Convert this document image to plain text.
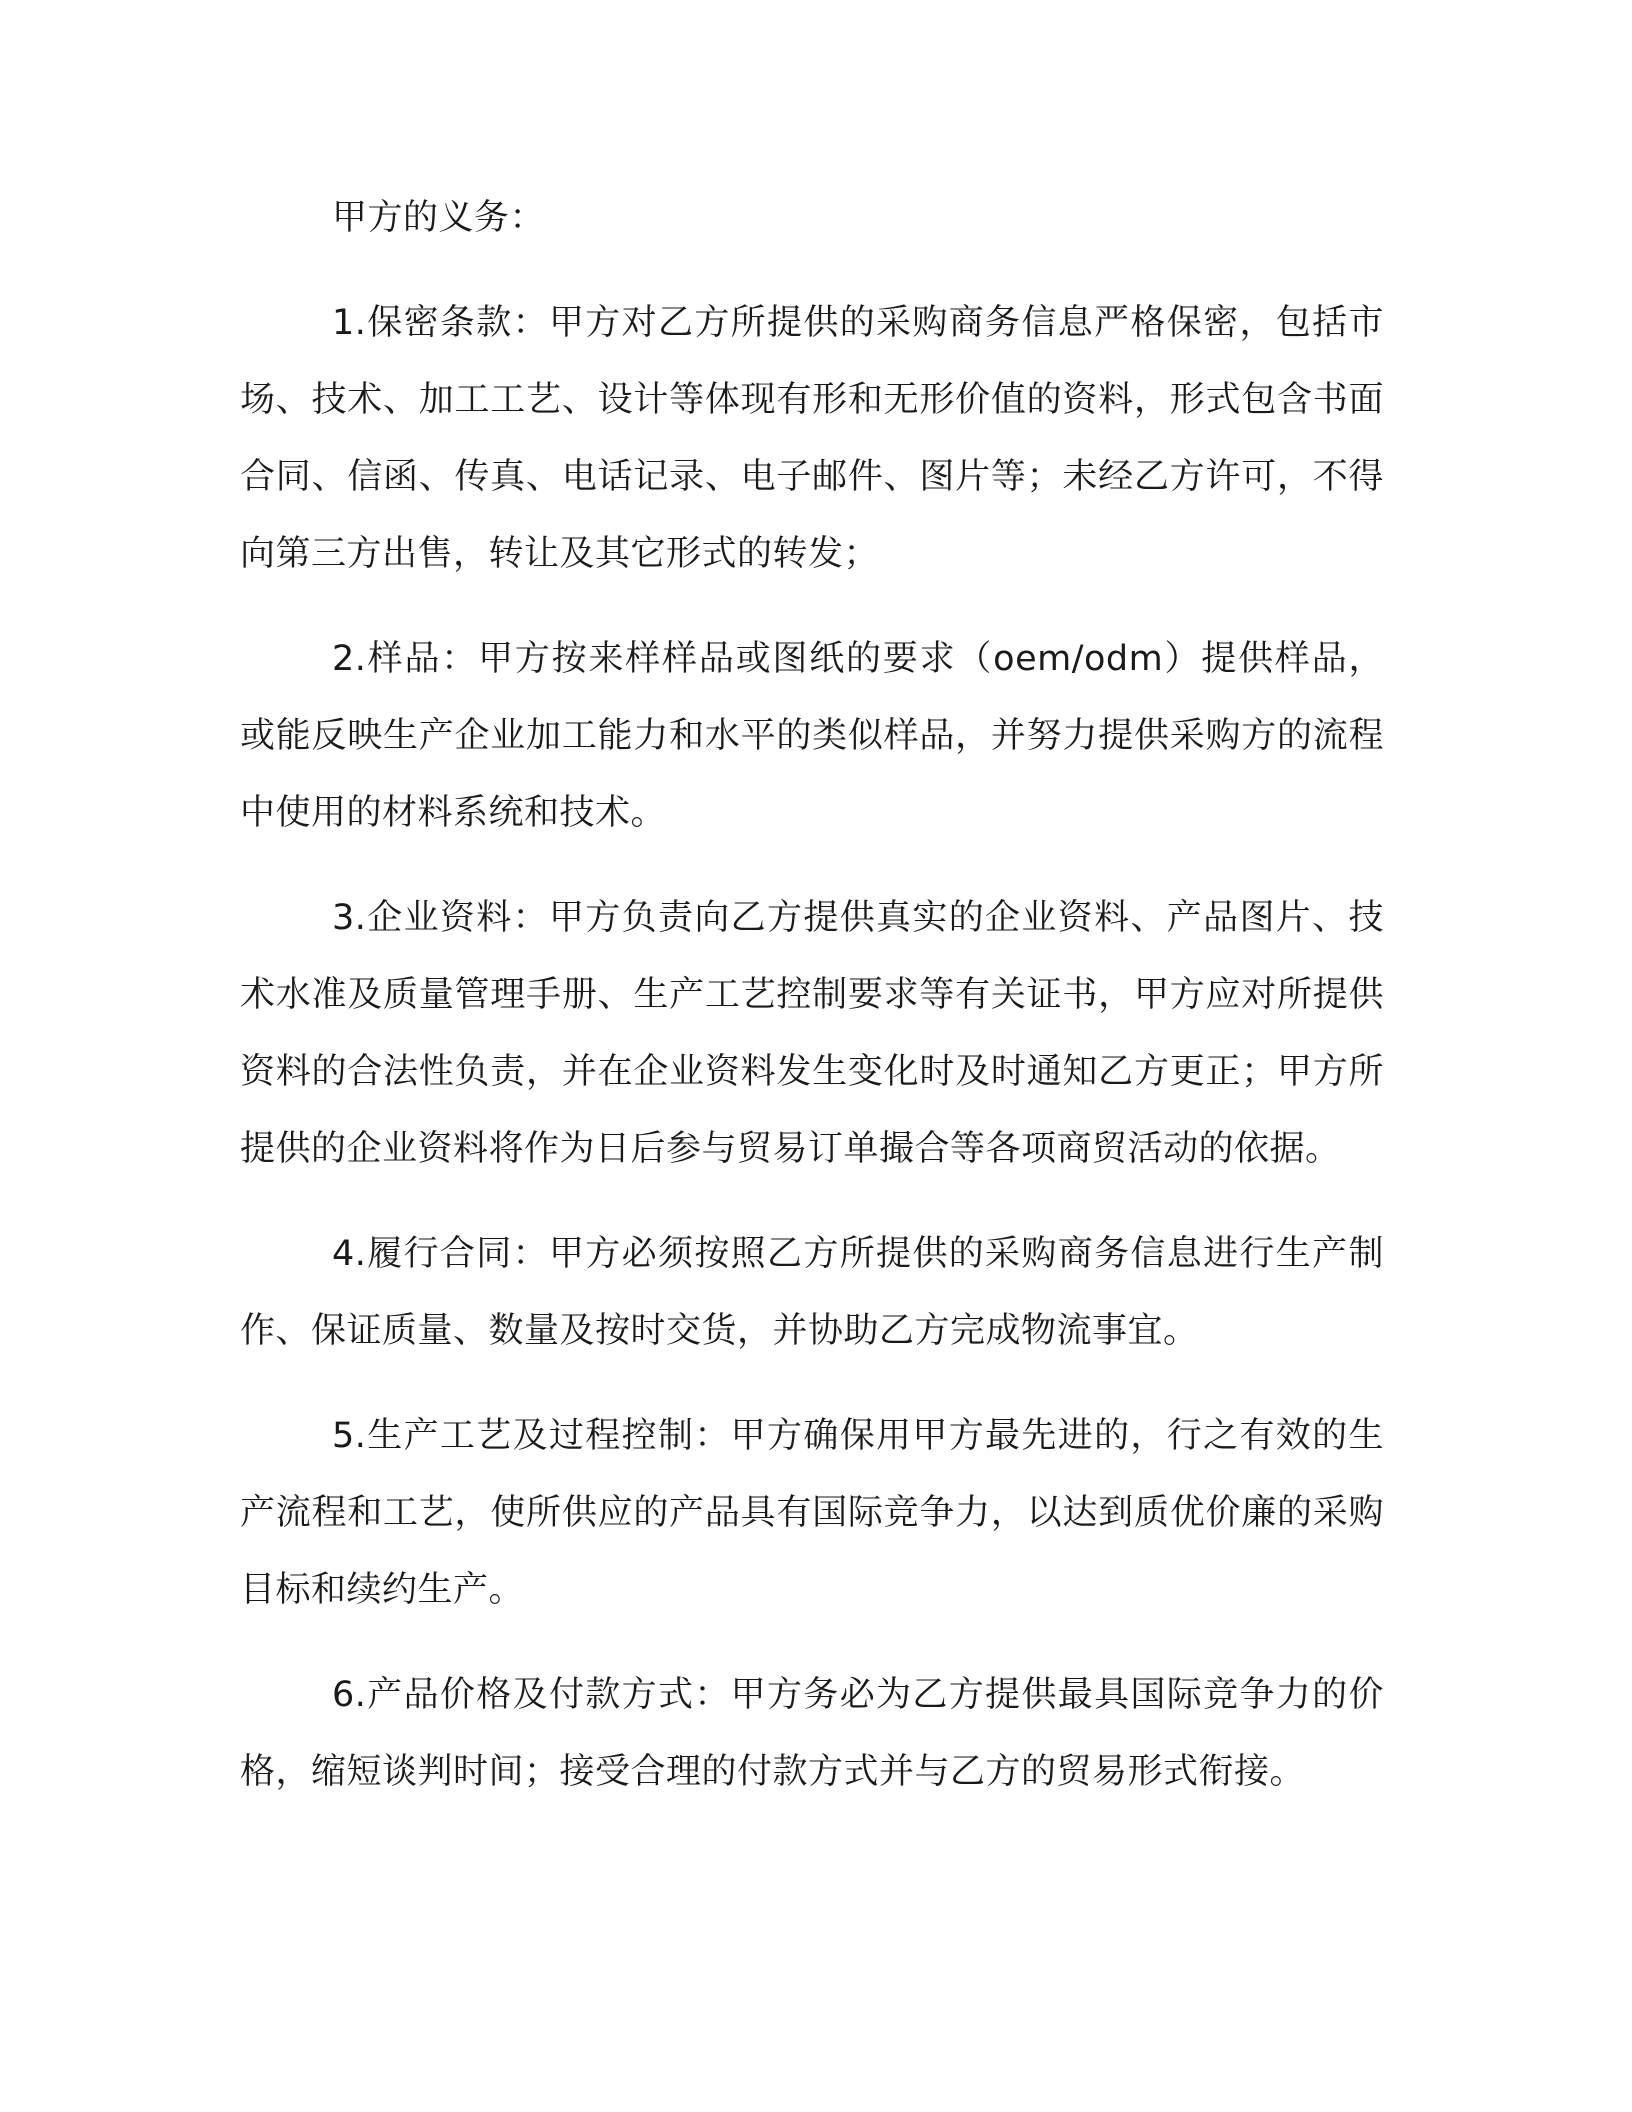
甲方的义务：

1.保密条款：甲方对乙方所提供的采购商务信息严格保密，包括市场、技术、加工工艺、设计等体现有形和无形价值的资料，形式包含书面合同、信函、传真、电话记录、电子邮件、图片等；未经乙方许可，不得向第三方出售，转让及其它形式的转发；

2.样品：甲方按来样样品或图纸的要求（oem/odm）提供样品，或能反映生产企业加工能力和水平的类似样品，并努力提供采购方的流程中使用的材料系统和技术。

3.企业资料：甲方负责向乙方提供真实的企业资料、产品图片、技术水准及质量管理手册、生产工艺控制要求等有关证书，甲方应对所提供资料的合法性负责，并在企业资料发生变化时及时通知乙方更正；甲方所提供的企业资料将作为日后参与贸易订单撮合等各项商贸活动的依据。

4.履行合同：甲方必须按照乙方所提供的采购商务信息进行生产制作、保证质量、数量及按时交货，并协助乙方完成物流事宜。

5.生产工艺及过程控制：甲方确保用甲方最先进的，行之有效的生产流程和工艺，使所供应的产品具有国际竞争力，以达到质优价廉的采购目标和续约生产。

6.产品价格及付款方式：甲方务必为乙方提供最具国际竞争力的价格，缩短谈判时间；接受合理的付款方式并与乙方的贸易形式衔接。
